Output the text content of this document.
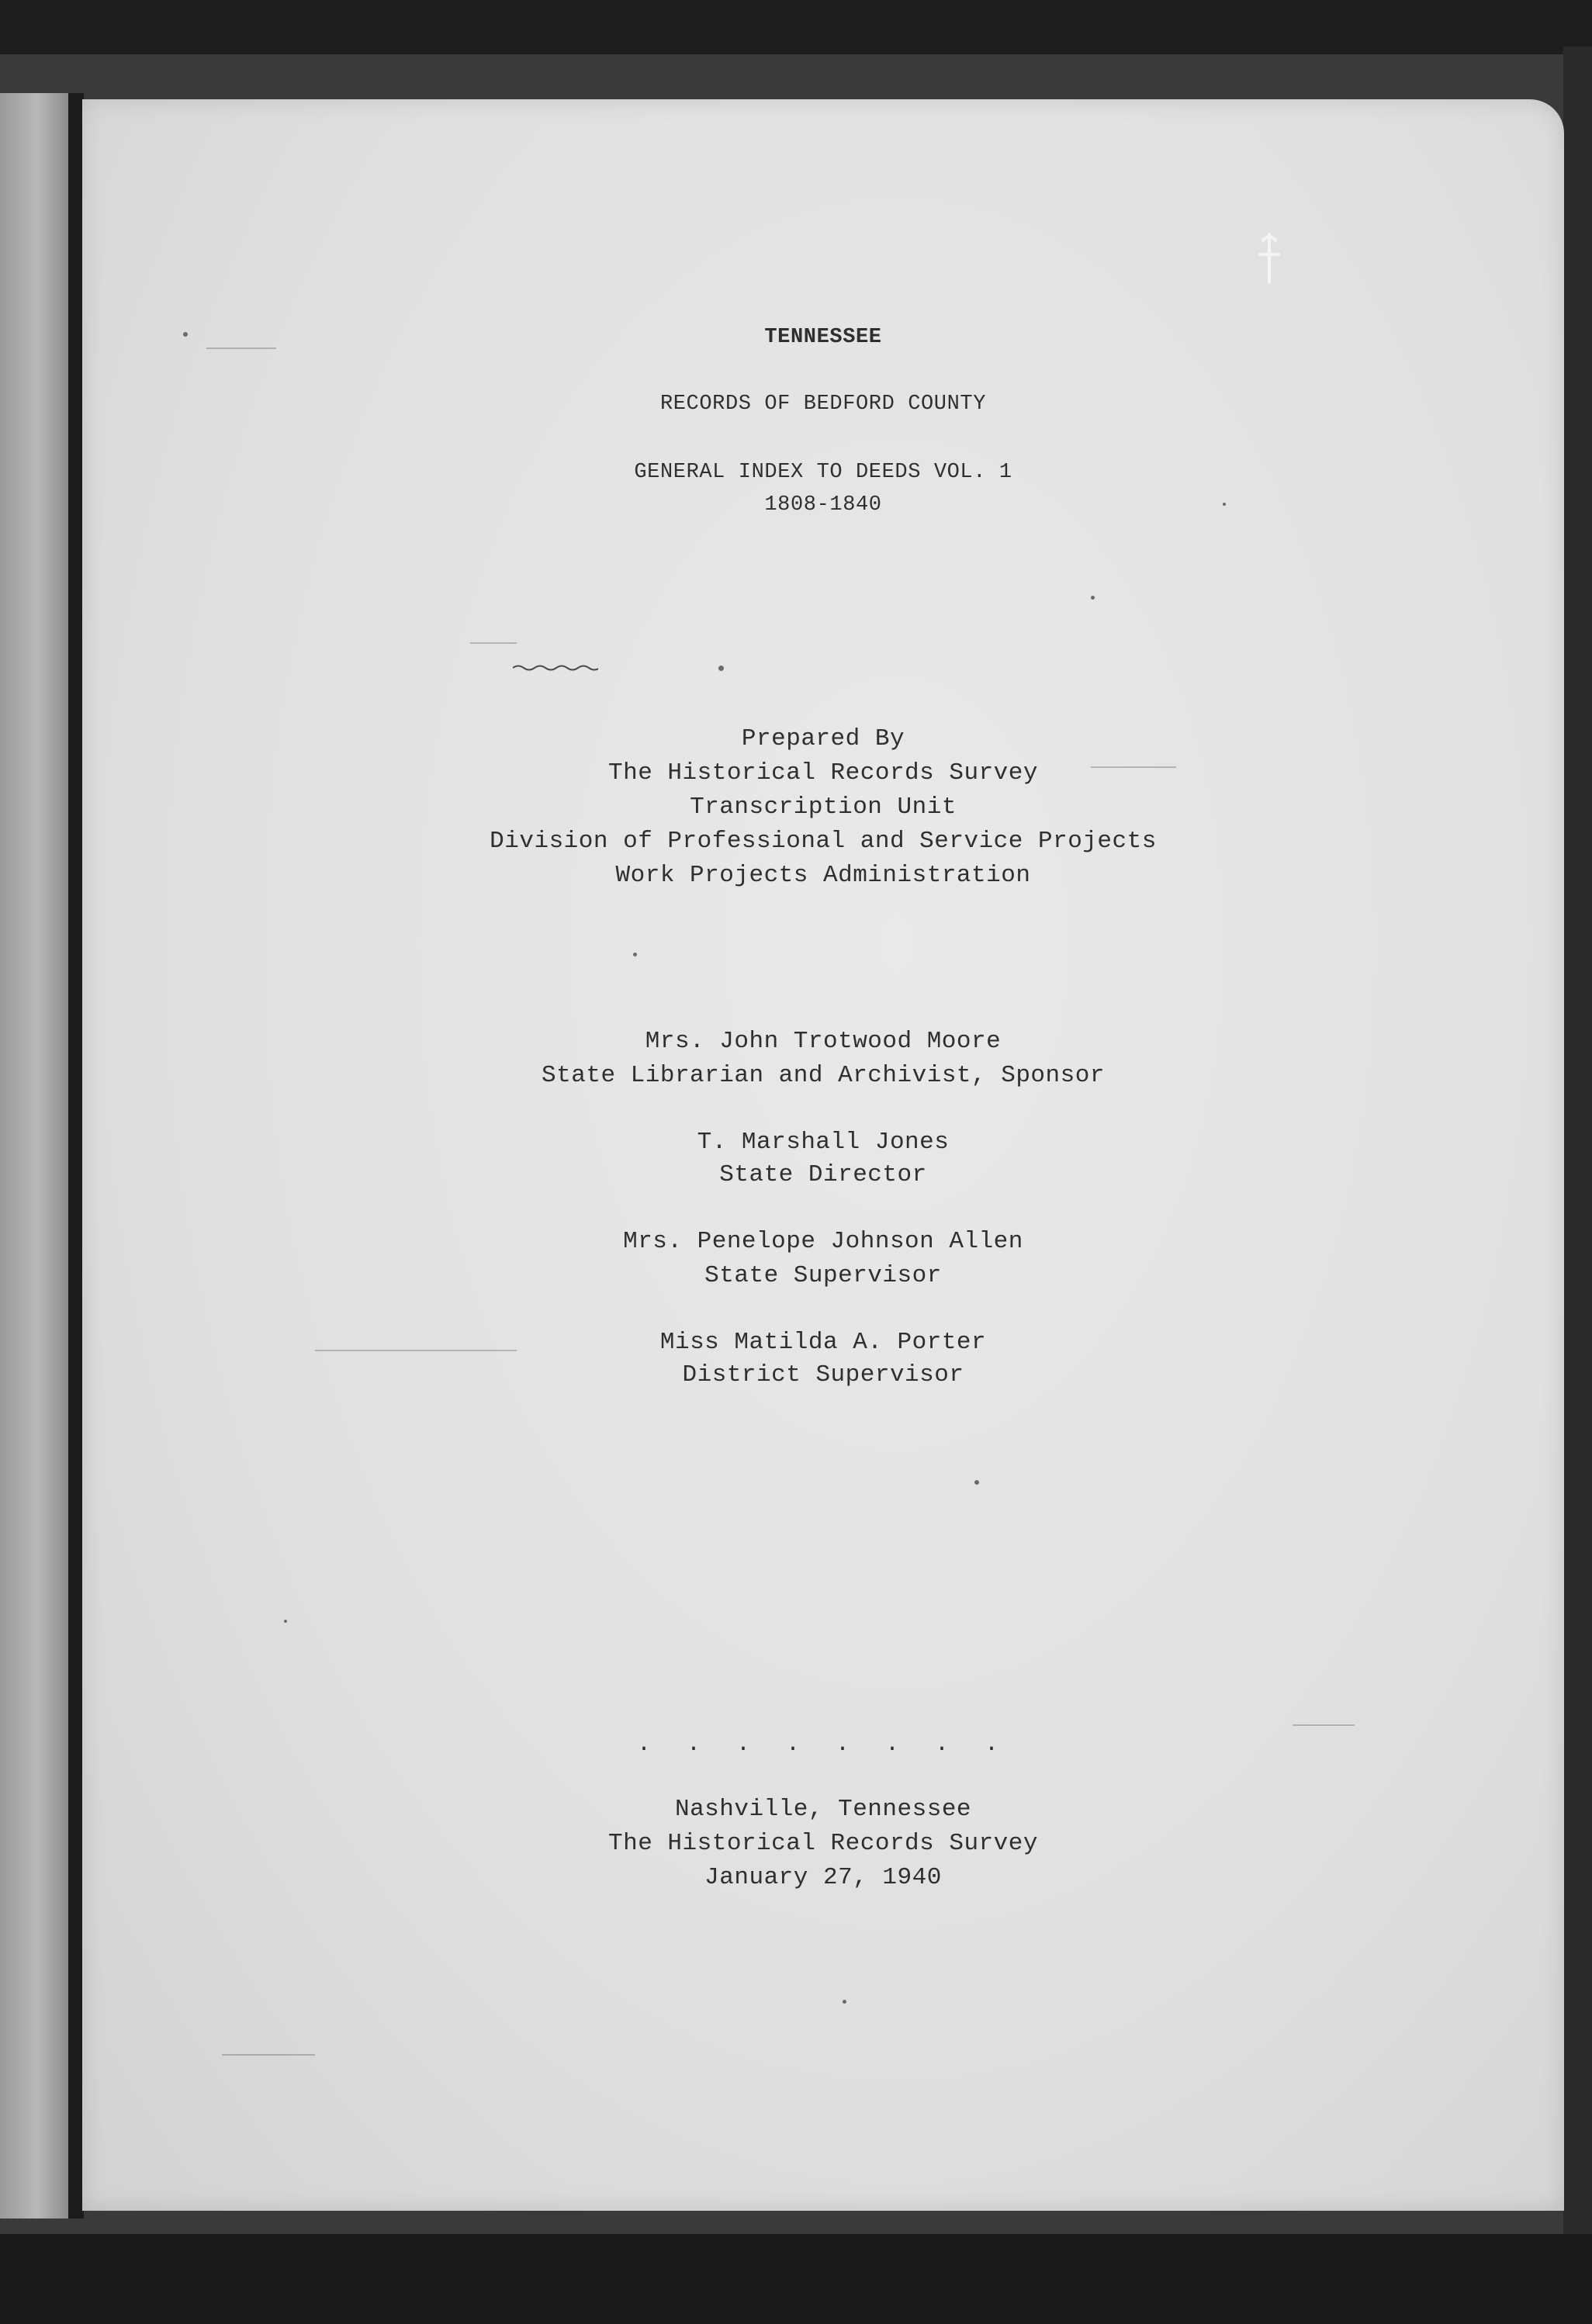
TENNESSEE
RECORDS OF BEDFORD COUNTY
GENERAL INDEX TO DEEDS VOL. 1
1808-1840
Prepared By
The Historical Records Survey
Transcription Unit
Division of Professional and Service Projects
Work Projects Administration
Mrs. John Trotwood Moore
State Librarian and Archivist, Sponsor
T. Marshall Jones
State Director
Mrs. Penelope Johnson Allen
State Supervisor
Miss Matilda A. Porter
District Supervisor
. . . . . . . .
Nashville, Tennessee
The Historical Records Survey
January 27, 1940
